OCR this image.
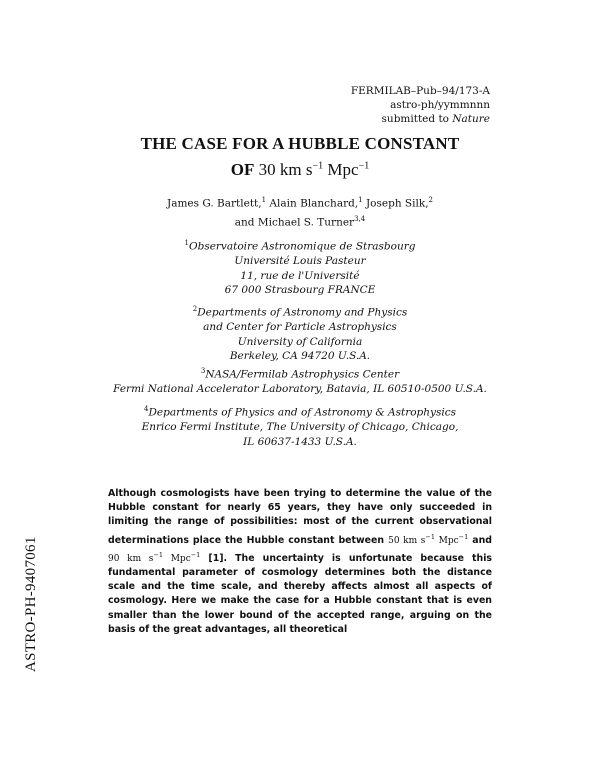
FERMILAB–Pub–94/173-A
astro-ph/yymmnnn
submitted to Nature
THE CASE FOR A HUBBLE CONSTANT
OF 30 km $s^{-1}$ Mpc$^{-1}$
James G. Bartlett,$^1$ Alain Blanchard,$^1$ Joseph Silk,$^2$
and Michael S. Turner$^{3,4}$
$^1$Observatoire Astronomique de Strasbourg
Université Louis Pasteur
11, rue de l'Université
67 000 Strasbourg FRANCE
$^2$Departments of Astronomy and Physics
and Center for Particle Astrophysics
University of California
Berkeley, CA 94720 U.S.A.
$^3$NASA/Fermilab Astrophysics Center
Fermi National Accelerator Laboratory, Batavia, IL 60510-0500 U.S.A.
$^4$Departments of Physics and of Astronomy & Astrophysics
Enrico Fermi Institute, The University of Chicago, Chicago,
IL 60637-1433 U.S.A.
Although cosmologists have been trying to determine the value of the Hubble constant for nearly 65 years, they have only succeeded in limiting the range of possibilities: most of the current observational determinations place the Hubble constant between 50 km $s^{-1}$ Mpc$^{-1}$ and 90 km $s^{-1}$ Mpc$^{-1}$ [1]. The uncertainty is unfortunate because this fundamental parameter of cosmology determines both the distance scale and the time scale, and thereby affects almost all aspects of cosmology. Here we make the case for a Hubble constant that is even smaller than the lower bound of the accepted range, arguing on the basis of the great advantages, all theoretical
ASTRO-PH-9407061
